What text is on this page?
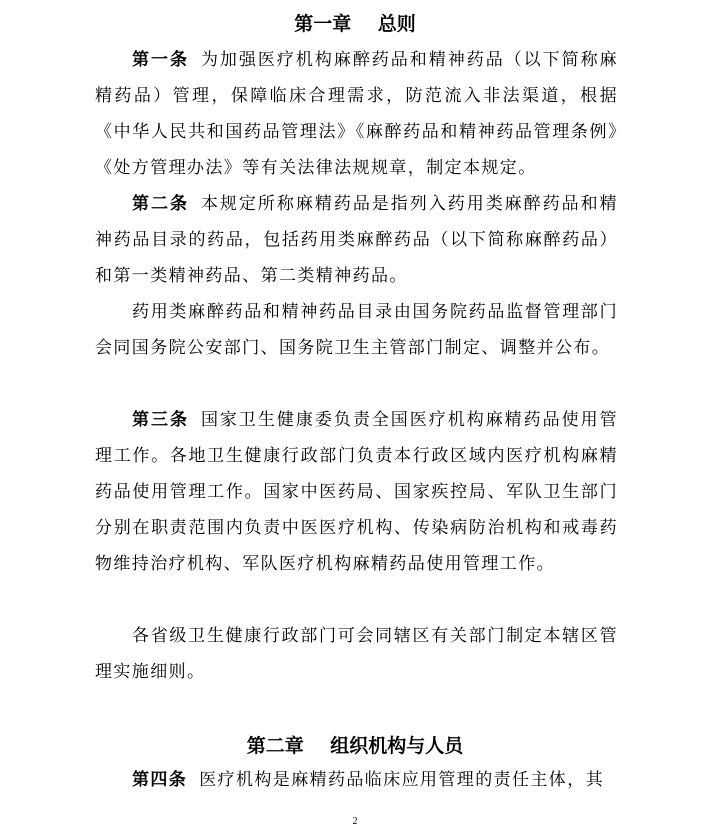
第一章    总则
第一条 为加强医疗机构麻醉药品和精神药品（以下简称麻精药品）管理，保障临床合理需求，防范流入非法渠道，根据《中华人民共和国药品管理法》《麻醉药品和精神药品管理条例》《处方管理办法》等有关法律法规规章，制定本规定。
第二条 本规定所称麻精药品是指列入药用类麻醉药品和精神药品目录的药品，包括药用类麻醉药品（以下简称麻醉药品）和第一类精神药品、第二类精神药品。
药用类麻醉药品和精神药品目录由国务院药品监督管理部门会同国务院公安部门、国务院卫生主管部门制定、调整并公布。
第三条 国家卫生健康委负责全国医疗机构麻精药品使用管理工作。各地卫生健康行政部门负责本行政区域内医疗机构麻精药品使用管理工作。国家中医药局、国家疾控局、军队卫生部门分别在职责范围内负责中医医疗机构、传染病防治机构和戒毒药物维持治疗机构、军队医疗机构麻精药品使用管理工作。
各省级卫生健康行政部门可会同辖区有关部门制定本辖区管理实施细则。
第二章    组织机构与人员
第四条 医疗机构是麻精药品临床应用管理的责任主体，其
2
